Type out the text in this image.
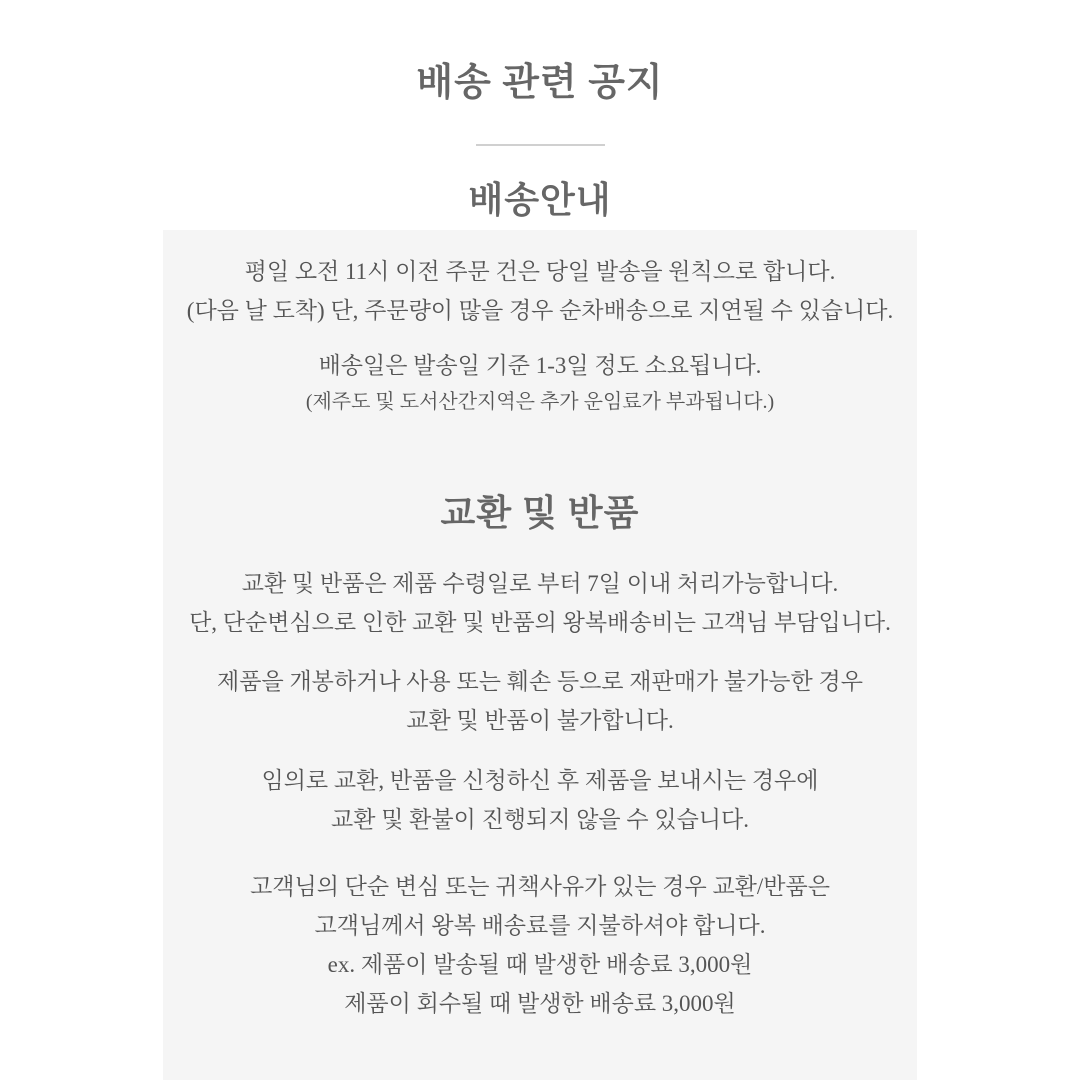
배송 관련 공지
배송안내
평일 오전 11시 이전 주문 건은 당일 발송을 원칙으로 합니다.
(다음 날 도착) 단, 주문량이 많을 경우 순차배송으로 지연될 수 있습니다.
배송일은 발송일 기준 1-3일 정도 소요됩니다.
(제주도 및 도서산간지역은 추가 운임료가 부과됩니다.)
교환 및 반품
교환 및 반품은 제품 수령일로 부터 7일 이내 처리가능합니다.
단, 단순변심으로 인한 교환 및 반품의 왕복배송비는 고객님 부담입니다.
제품을 개봉하거나 사용 또는 훼손 등으로 재판매가 불가능한 경우
교환 및 반품이 불가합니다.
임의로 교환, 반품을 신청하신 후 제품을 보내시는 경우에
교환 및 환불이 진행되지 않을 수 있습니다.
고객님의 단순 변심 또는 귀책사유가 있는 경우 교환/반품은
고객님께서 왕복 배송료를 지불하셔야 합니다.
ex. 제품이 발송될 때 발생한 배송료 3,000원
제품이 회수될 때 발생한 배송료 3,000원
